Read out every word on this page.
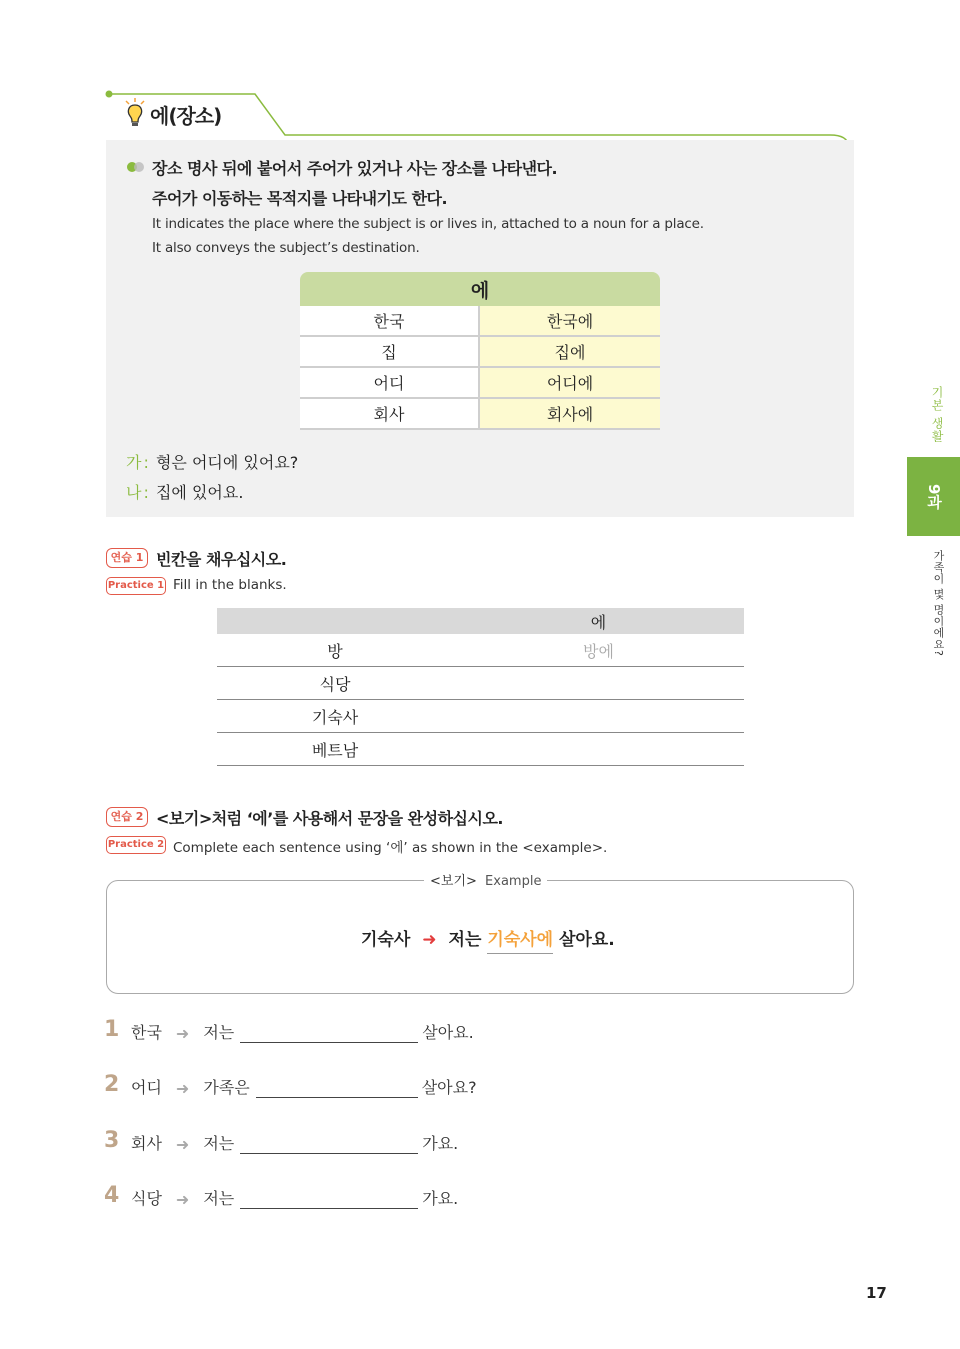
에(장소)
장소 명사 뒤에 붙어서 주어가 있거나 사는 장소를 나타낸다.
주어가 이동하는 목적지를 나타내기도 한다.
It indicates the place where the subject is or lives in, attached to a noun for a place.
It also conveys the subject’s destination.
에	
한국	한국에
집	집에
어디	어디에
회사	회사에
가 : 형은 어디에 있어요?
나 : 집에 있어요.
연습 1 빈칸을 채우십시오.
Practice 1 Fill in the blanks.
	에
방	방에
식당	
기숙사	
베트남	
연습 2 <보기>처럼 ‘에’를 사용해서 문장을 완성하십시오.
Practice 2 Complete each sentence using ‘에’ as shown in the <example>.
<보기> Example
기숙사 ➜ 저는 기숙사에 살아요.
1 한국 ➜ 저는	살아요.
2 어디 ➜ 가족은	살아요?
3 회사 ➜ 저는	가요.
4 식당 ➜ 저는	가요.
기본 생활
9과
가족이 몇 명이에요?
17
